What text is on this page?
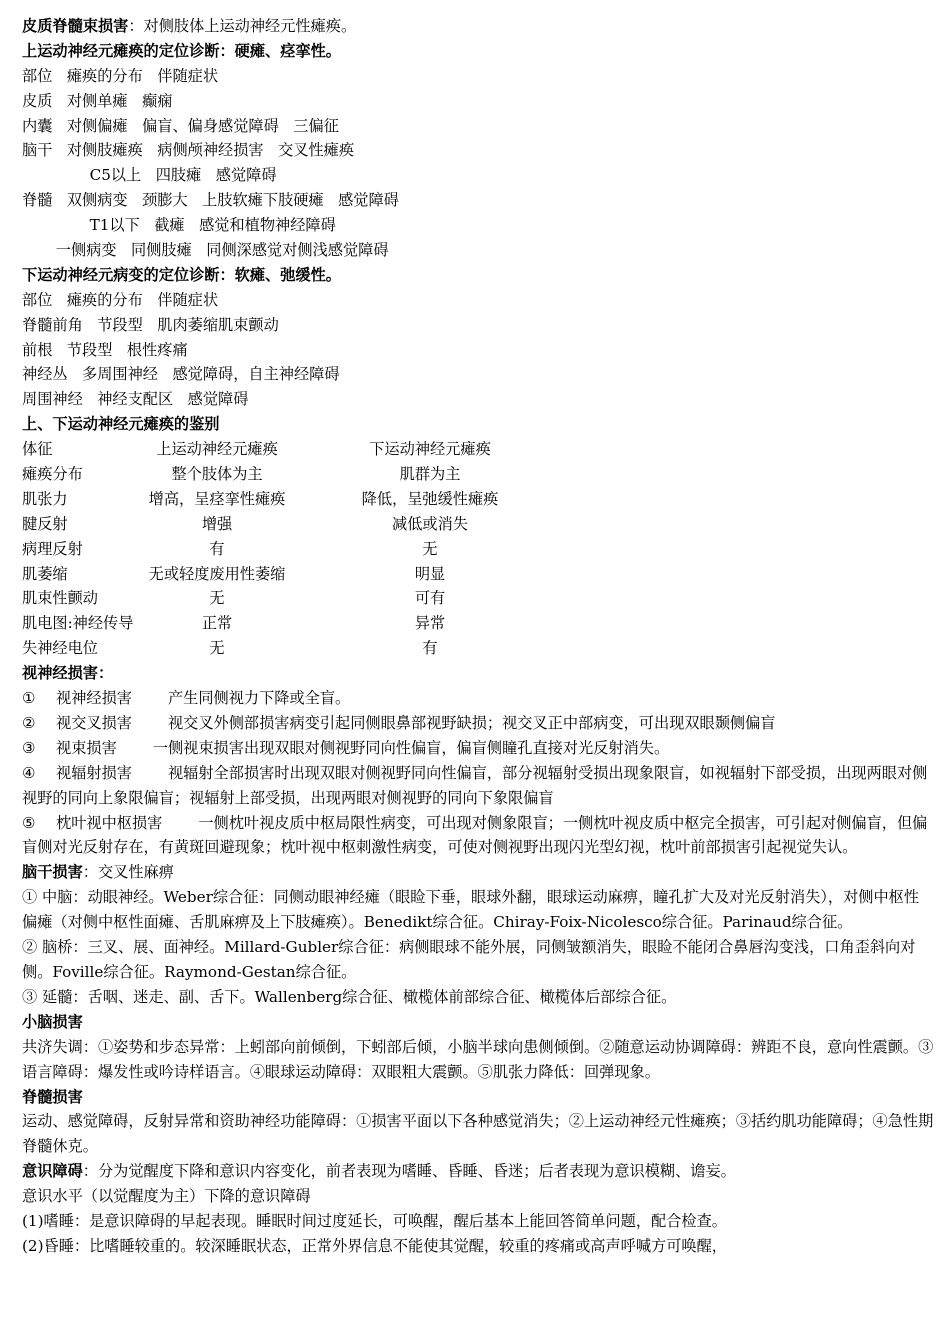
皮质脊髓束损害：对侧肢体上运动神经元性瘫痪。
上运动神经元瘫痪的定位诊断：硬瘫、痉挛性。
部位   瘫痪的分布   伴随症状
皮质   对侧单瘫   癫痫
内囊   对侧偏瘫   偏盲、偏身感觉障碍   三偏征
脑干   对侧肢瘫痪   病侧颅神经损害   交叉性瘫痪
C5以上   四肢瘫   感觉障碍
脊髓   双侧病变   颈膨大   上肢软瘫下肢硬瘫   感觉障碍
T1以下   截瘫   感觉和植物神经障碍
一侧病变   同侧肢瘫   同侧深感觉对侧浅感觉障碍
下运动神经元病变的定位诊断：软瘫、弛缓性。
部位   瘫痪的分布   伴随症状
脊髓前角   节段型   肌肉萎缩肌束颤动
前根   节段型   根性疼痛
神经丛   多周围神经   感觉障碍，自主神经障碍
周围神经   神经支配区   感觉障碍
上、下运动神经元瘫痪的鉴别
体征	上运动神经元瘫痪	下运动神经元瘫痪
瘫痪分布	整个肢体为主	肌群为主
肌张力	增高，呈痉挛性瘫痪	降低，呈弛缓性瘫痪
腱反射	增强	减低或消失
病理反射	有	无
肌萎缩	无或轻度废用性萎缩	明显
肌束性颤动	无	可有
肌电图:神经传导	正常	异常
失神经电位	无	有
视神经损害：
① 视神经损害 产生同侧视力下降或全盲。
② 视交叉损害 视交叉外侧部损害病变引起同侧眼鼻部视野缺损；视交叉正中部病变，可出现双眼颞侧偏盲
③ 视束损害 一侧视束损害出现双眼对侧视野同向性偏盲，偏盲侧瞳孔直接对光反射消失。
④ 视辐射损害 视辐射全部损害时出现双眼对侧视野同向性偏盲，部分视辐射受损出现象限盲，如视辐射下部受损，出现两眼对侧视野的同向上象限偏盲；视辐射上部受损，出现两眼对侧视野的同向下象限偏盲
⑤ 枕叶视中枢损害 一侧枕叶视皮质中枢局限性病变，可出现对侧象限盲；一侧枕叶视皮质中枢完全损害，可引起对侧偏盲，但偏盲侧对光反射存在，有黄斑回避现象；枕叶视中枢刺激性病变，可使对侧视野出现闪光型幻视，枕叶前部损害引起视觉失认。
脑干损害：交叉性麻痹
① 中脑：动眼神经。Weber综合征：同侧动眼神经瘫（眼睑下垂，眼球外翻，眼球运动麻痹，瞳孔扩大及对光反射消失），对侧中枢性偏瘫（对侧中枢性面瘫、舌肌麻痹及上下肢瘫痪）。Benedikt综合征。Chiray-Foix-Nicolesco综合征。Parinaud综合征。
② 脑桥：三叉、展、面神经。Millard-Gubler综合征：病侧眼球不能外展，同侧皱额消失，眼睑不能闭合鼻唇沟变浅，口角歪斜向对侧。Foville综合征。Raymond-Gestan综合征。
③ 延髓：舌咽、迷走、副、舌下。Wallenberg综合征、橄榄体前部综合征、橄榄体后部综合征。
小脑损害
共济失调：①姿势和步态异常：上蚓部向前倾倒，下蚓部后倾，小脑半球向患侧倾倒。②随意运动协调障碍：辨距不良，意向性震颤。③语言障碍：爆发性或吟诗样语言。④眼球运动障碍：双眼粗大震颤。⑤肌张力降低：回弹现象。
脊髓损害
运动、感觉障碍，反射异常和资助神经功能障碍：①损害平面以下各种感觉消失；②上运动神经元性瘫痪；③括约肌功能障碍；④急性期脊髓休克。
意识障碍：分为觉醒度下降和意识内容变化，前者表现为嗜睡、昏睡、昏迷；后者表现为意识模糊、谵妄。
意识水平（以觉醒度为主）下降的意识障碍
(1)嗜睡：是意识障碍的早起表现。睡眠时间过度延长，可唤醒，醒后基本上能回答简单问题，配合检查。
(2)昏睡：比嗜睡较重的。较深睡眠状态，正常外界信息不能使其觉醒，较重的疼痛或高声呼喊方可唤醒，
